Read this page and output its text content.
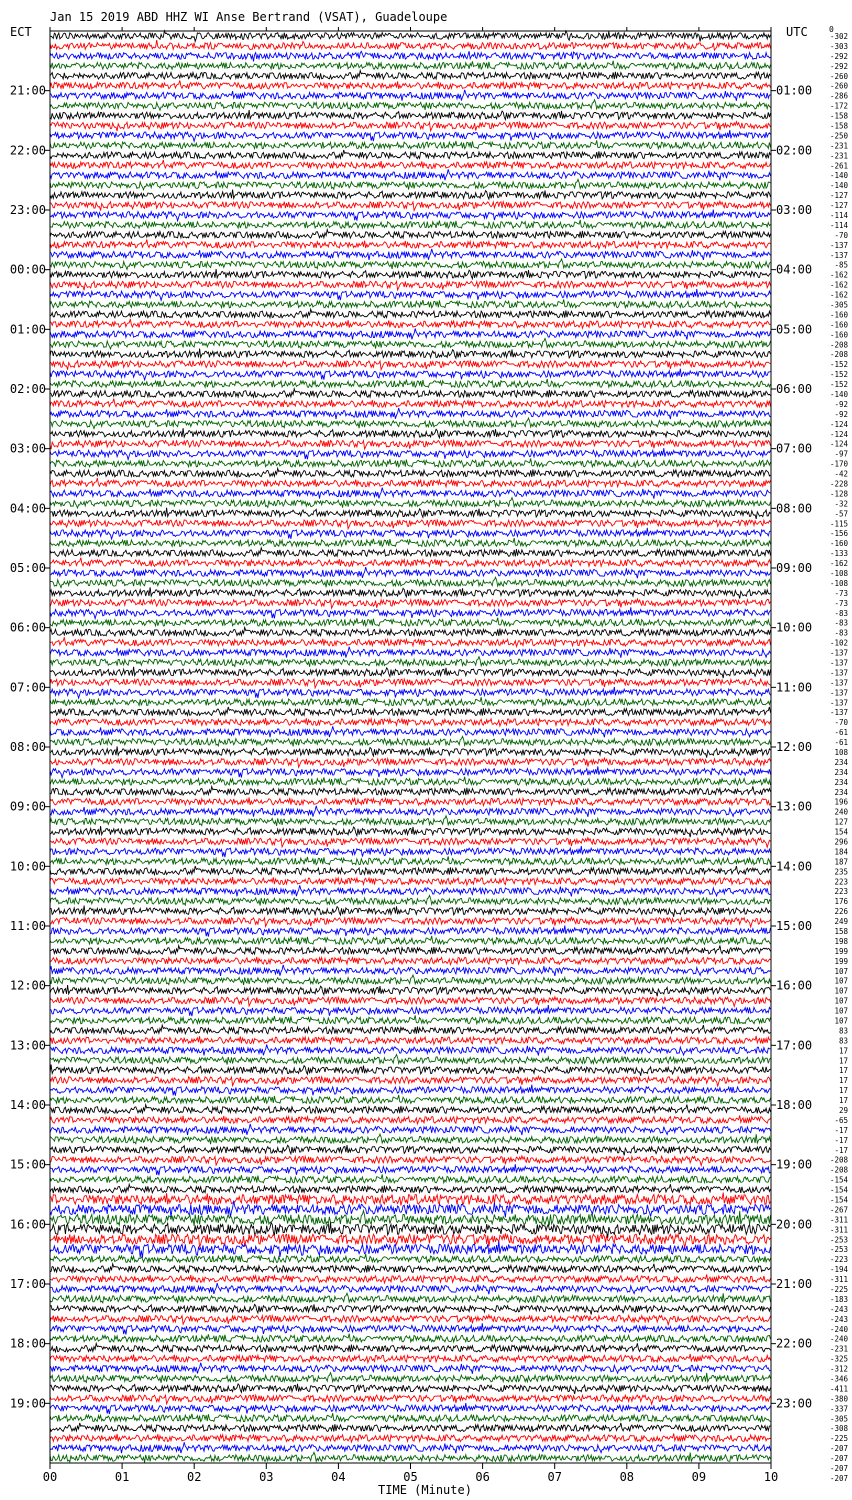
Jan 15 2019 ABD HHZ WI Anse Bertrand (VSAT), Guadeloupe
ECT	UTC	0
TIME (Minute)
00	01	02	03	04	05	06	07	08	09	10
21:00	01:00
22:00	02:00
23:00	03:00
00:00	04:00
01:00	05:00
02:00	06:00
03:00	07:00
04:00	08:00
05:00	09:00
06:00	10:00
07:00	11:00
08:00	12:00
09:00	13:00
10:00	14:00
11:00	15:00
12:00	16:00
13:00	17:00
14:00	18:00
15:00	19:00
16:00	20:00
17:00	21:00
18:00	22:00
19:00	23:00
-302
-303
-292
-292
-260
-260
-286
-172
-158
-158
-250
-231
-231
-261
-140
-140
-127
-127
-114
-114
-70
-137
-137
-85
-162
-162
-162
-305
-160
-160
-160
-208
-208
-152
-152
-152
-140
-92
-92
-124
-124
-124
-97
-170
-42
-228
-128
-32
-57
-115
-156
-160
-133
-162
-108
-108
-73
-73
-83
-83
-83
-102
-137
-137
-137
-137
-137
-137
-137
-70
-61
-61
108
234
234
234
234
196
240
127
154
296
184
187
235
223
223
176
226
249
158
198
199
199
107
107
107
107
107
107
83
83
17
17
17
17
17
17
29
-65
-17
-17
-17
-208
-208
-154
-154
-154
-267
-311
-311
-253
-253
-223
-194
-311
-225
-183
-243
-243
-240
-240
-231
-325
-312
-346
-411
-380
-337
-305
-308
-225
-207
-207
-207
-207
